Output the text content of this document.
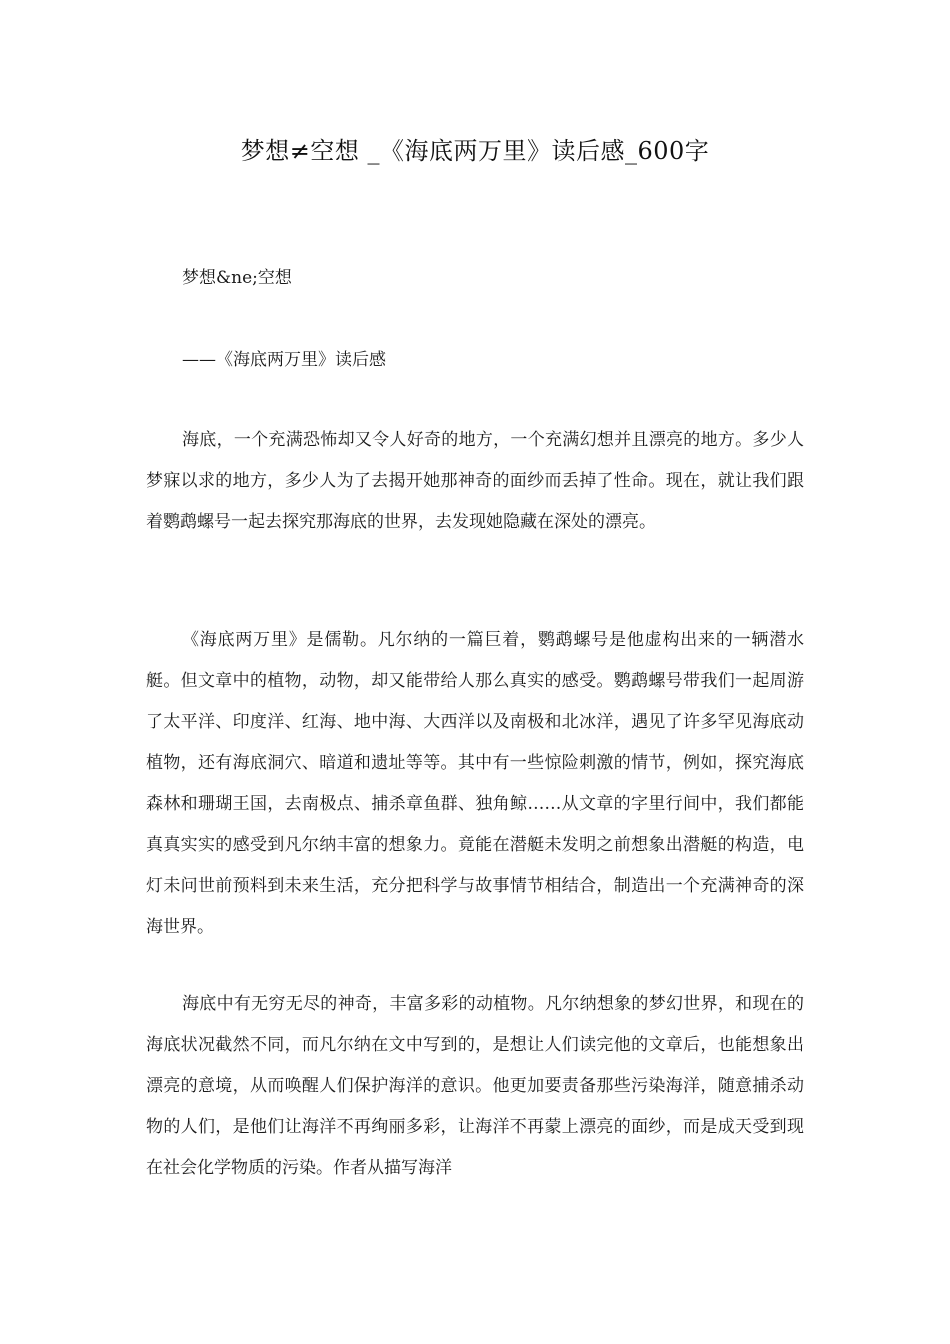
梦想≠空想 _《海底两万里》读后感_600字
梦想&ne;空想
——《海底两万里》读后感

海底，一个充满恐怖却又令人好奇的地方，一个充满幻想并且漂亮的地方。多少人梦寐以求的地方，多少人为了去揭开她那神奇的面纱而丢掉了性命。现在，就让我们跟着鹦鹉螺号一起去探究那海底的世界，去发现她隐藏在深处的漂亮。

《海底两万里》是儒勒。凡尔纳的一篇巨着，鹦鹉螺号是他虚构出来的一辆潜水艇。但文章中的植物，动物，却又能带给人那么真实的感受。鹦鹉螺号带我们一起周游了太平洋、印度洋、红海、地中海、大西洋以及南极和北冰洋，遇见了许多罕见海底动植物，还有海底洞穴、暗道和遗址等等。其中有一些惊险刺激的情节，例如，探究海底森林和珊瑚王国，去南极点、捕杀章鱼群、独角鲸……从文章的字里行间中，我们都能真真实实的感受到凡尔纳丰富的想象力。竟能在潜艇未发明之前想象出潜艇的构造，电灯未问世前预料到未来生活，充分把科学与故事情节相结合，制造出一个充满神奇的深海世界。

海底中有无穷无尽的神奇，丰富多彩的动植物。凡尔纳想象的梦幻世界，和现在的海底状况截然不同，而凡尔纳在文中写到的，是想让人们读完他的文章后，也能想象出漂亮的意境，从而唤醒人们保护海洋的意识。他更加要责备那些污染海洋，随意捕杀动物的人们，是他们让海洋不再绚丽多彩，让海洋不再蒙上漂亮的面纱，而是成天受到现在社会化学物质的污染。作者从描写海洋
